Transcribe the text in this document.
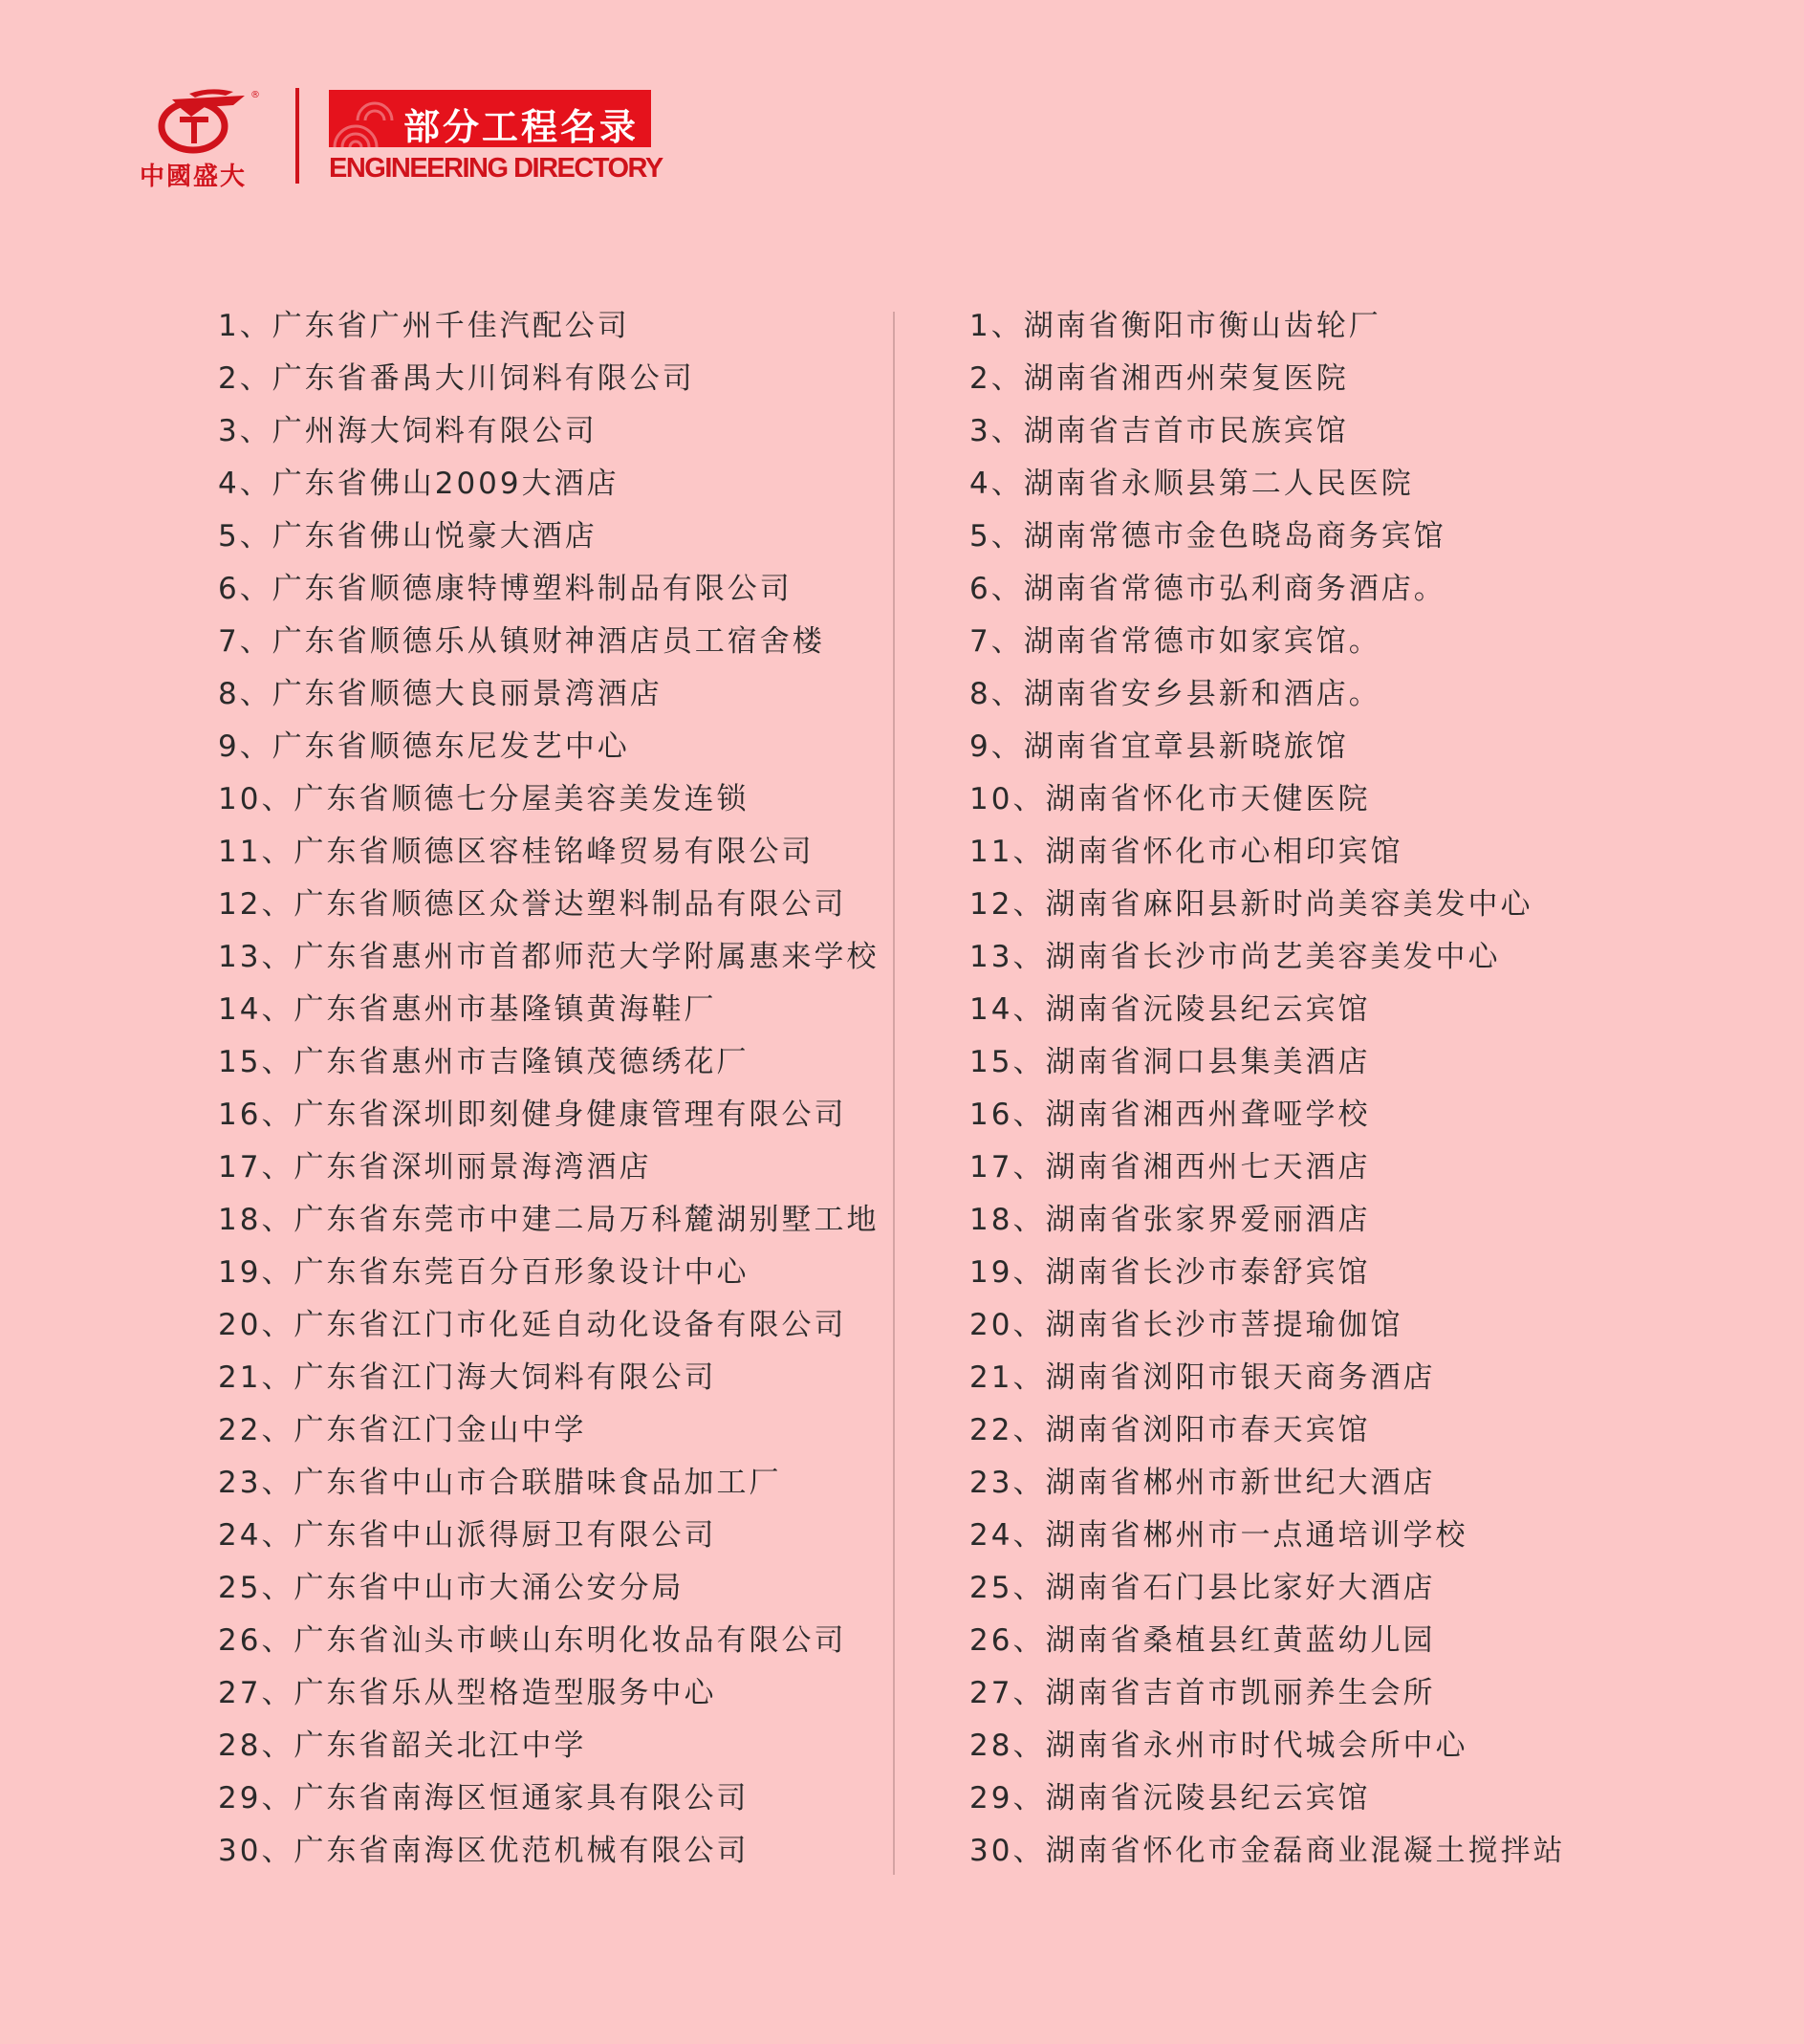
®
中國盛大
部分工程名录
ENGINEERING DIRECTORY
1、广东省广州千佳汽配公司
2、广东省番禺大川饲料有限公司
3、广州海大饲料有限公司
4、广东省佛山2009大酒店
5、广东省佛山悦豪大酒店
6、广东省顺德康特博塑料制品有限公司
7、广东省顺德乐从镇财神酒店员工宿舍楼
8、广东省顺德大良丽景湾酒店
9、广东省顺德东尼发艺中心
10、广东省顺德七分屋美容美发连锁
11、广东省顺德区容桂铭峰贸易有限公司
12、广东省顺德区众誉达塑料制品有限公司
13、广东省惠州市首都师范大学附属惠来学校
14、广东省惠州市基隆镇黄海鞋厂
15、广东省惠州市吉隆镇茂德绣花厂
16、广东省深圳即刻健身健康管理有限公司
17、广东省深圳丽景海湾酒店
18、广东省东莞市中建二局万科麓湖别墅工地
19、广东省东莞百分百形象设计中心
20、广东省江门市化延自动化设备有限公司
21、广东省江门海大饲料有限公司
22、广东省江门金山中学
23、广东省中山市合联腊味食品加工厂
24、广东省中山派得厨卫有限公司
25、广东省中山市大涌公安分局
26、广东省汕头市峡山东明化妆品有限公司
27、广东省乐从型格造型服务中心
28、广东省韶关北江中学
29、广东省南海区恒通家具有限公司
30、广东省南海区优范机械有限公司
1、湖南省衡阳市衡山齿轮厂
2、湖南省湘西州荣复医院
3、湖南省吉首市民族宾馆
4、湖南省永顺县第二人民医院
5、湖南常德市金色晓岛商务宾馆
6、湖南省常德市弘利商务酒店。
7、湖南省常德市如家宾馆。
8、湖南省安乡县新和酒店。
9、湖南省宜章县新晓旅馆
10、湖南省怀化市天健医院
11、湖南省怀化市心相印宾馆
12、湖南省麻阳县新时尚美容美发中心
13、湖南省长沙市尚艺美容美发中心
14、湖南省沅陵县纪云宾馆
15、湖南省洞口县集美酒店
16、湖南省湘西州聋哑学校
17、湖南省湘西州七天酒店
18、湖南省张家界爱丽酒店
19、湖南省长沙市泰舒宾馆
20、湖南省长沙市菩提瑜伽馆
21、湖南省浏阳市银天商务酒店
22、湖南省浏阳市春天宾馆
23、湖南省郴州市新世纪大酒店
24、湖南省郴州市一点通培训学校
25、湖南省石门县比家好大酒店
26、湖南省桑植县红黄蓝幼儿园
27、湖南省吉首市凯丽养生会所
28、湖南省永州市时代城会所中心
29、湖南省沅陵县纪云宾馆
30、湖南省怀化市金磊商业混凝土搅拌站
